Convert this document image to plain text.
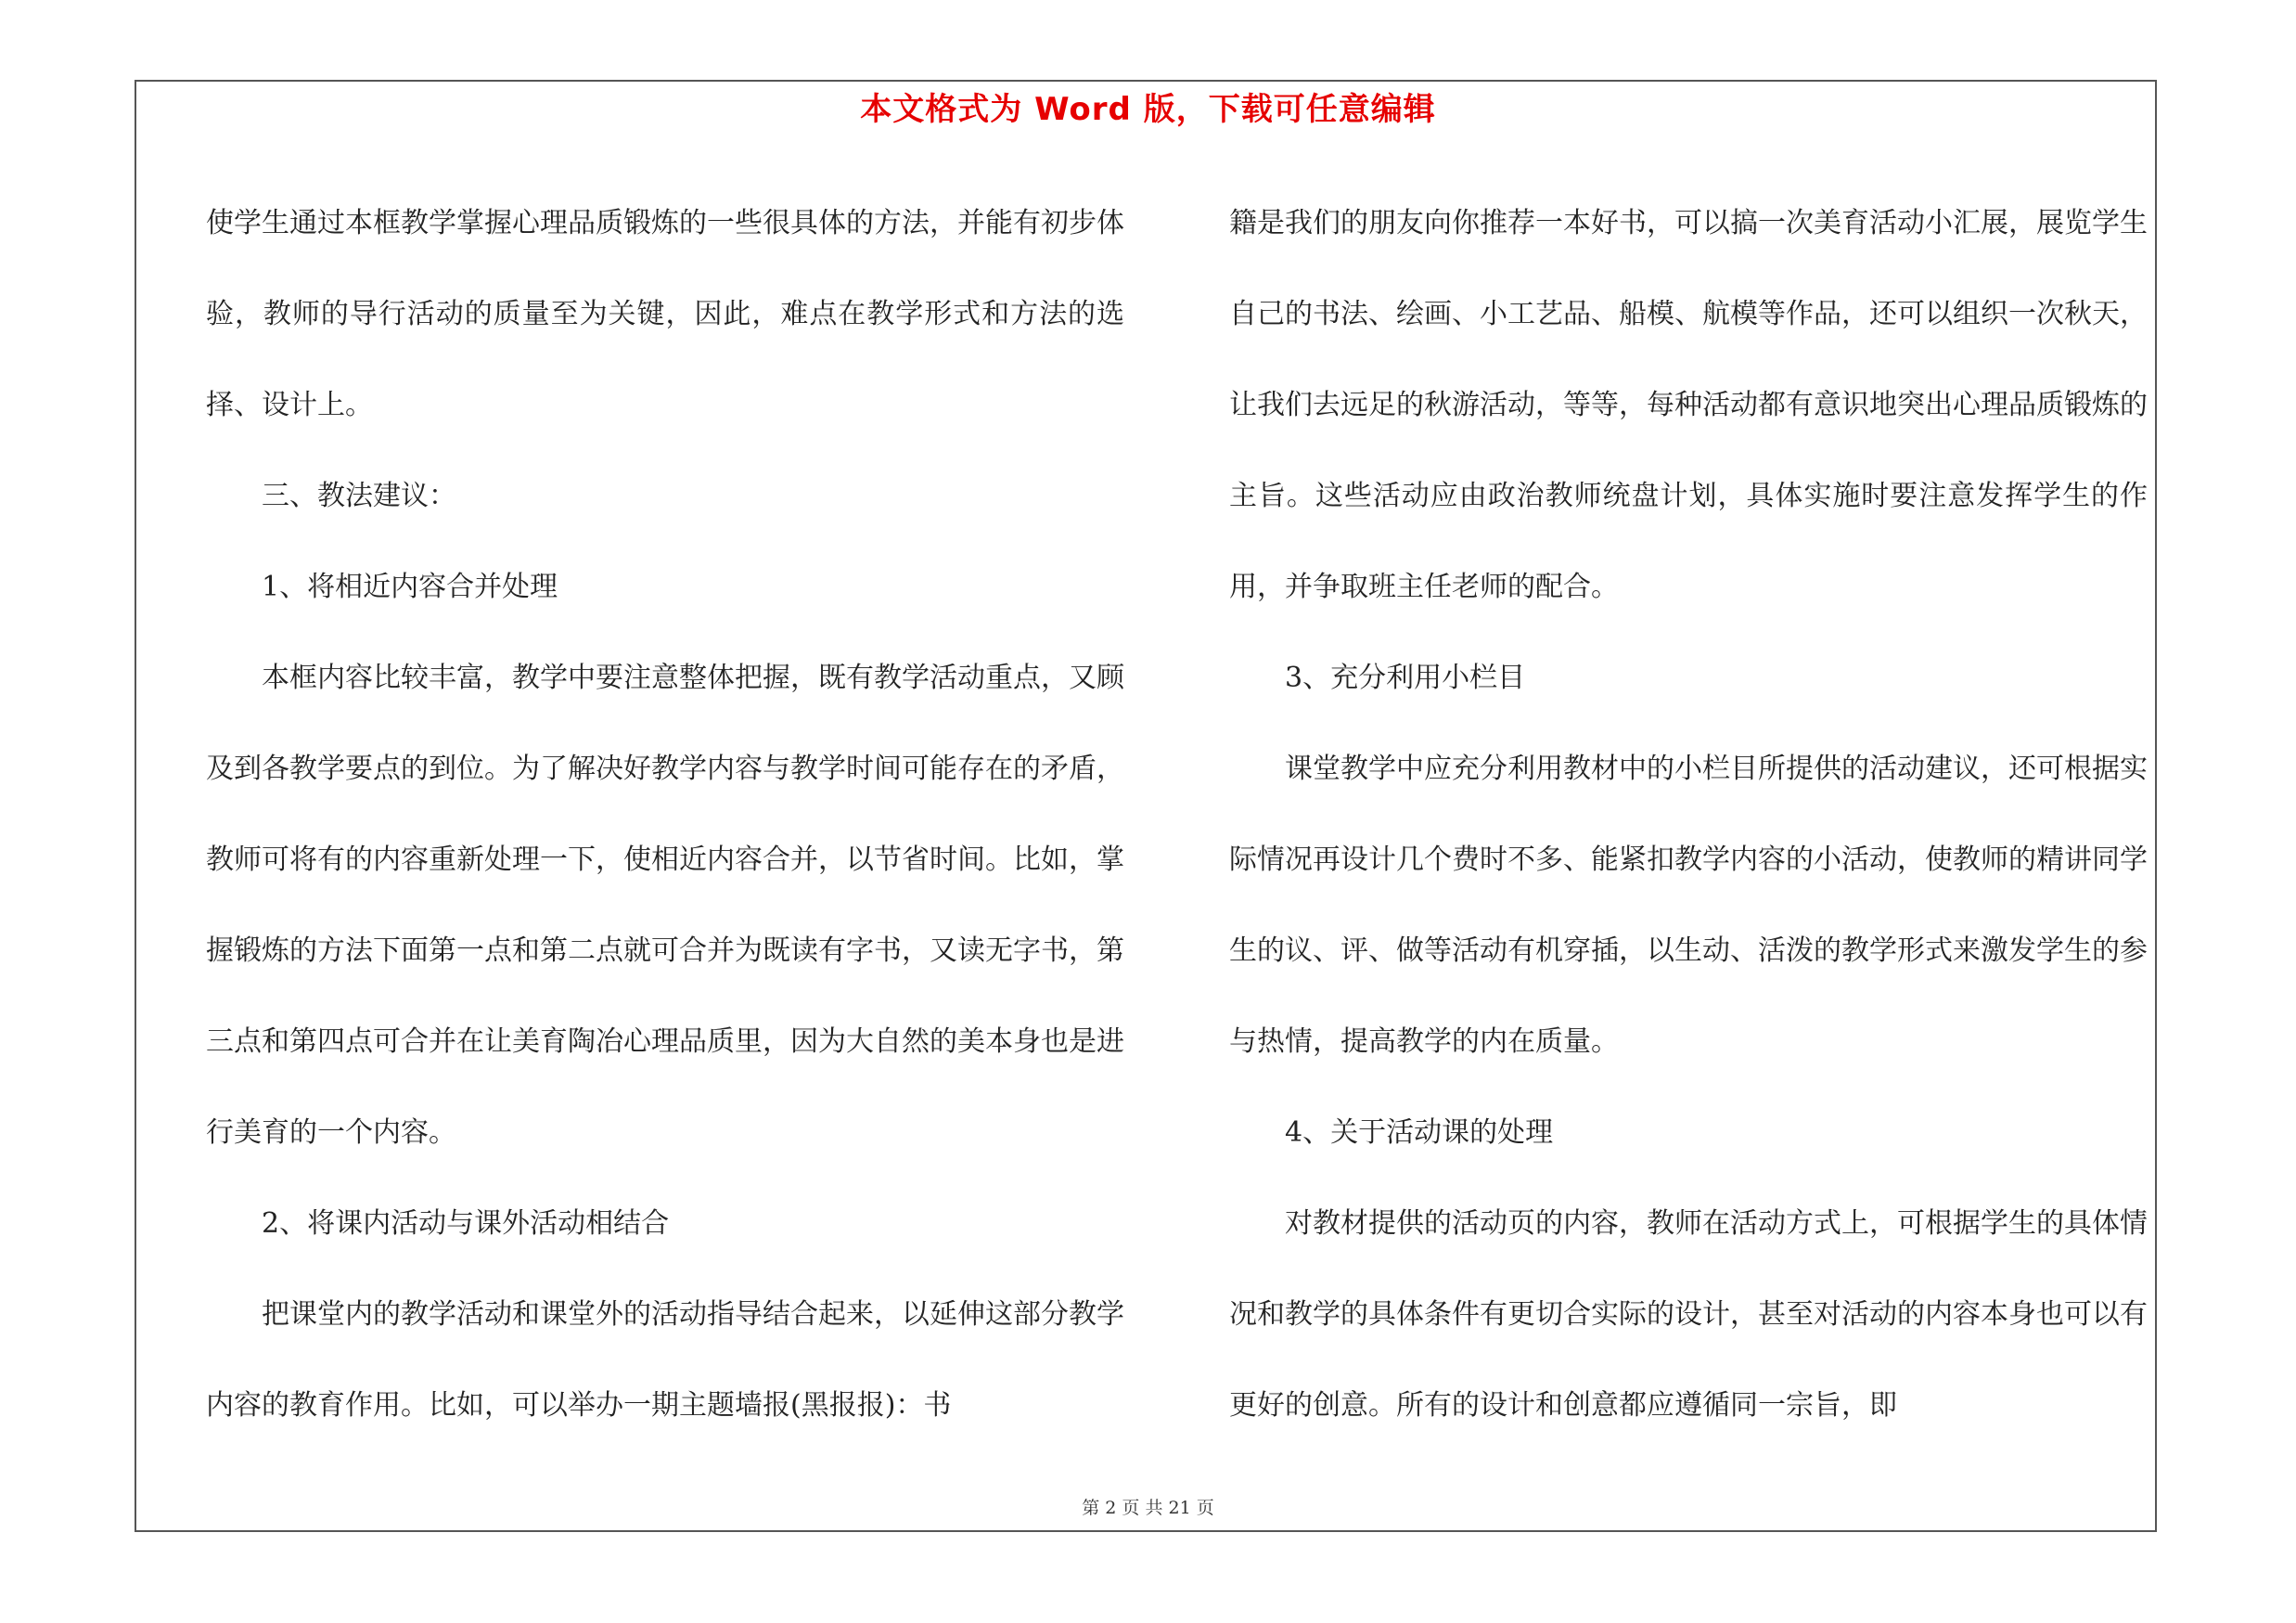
本文格式为 Word 版，下载可任意编辑

使学生通过本框教学掌握心理品质锻炼的一些很具体的方法，并能有初步体验，教师的导行活动的质量至为关键，因此，难点在教学形式和方法的选择、设计上。

三、教法建议：

1、将相近内容合并处理

本框内容比较丰富，教学中要注意整体把握，既有教学活动重点，又顾及到各教学要点的到位。为了解决好教学内容与教学时间可能存在的矛盾，教师可将有的内容重新处理一下，使相近内容合并，以节省时间。比如，掌握锻炼的方法下面第一点和第二点就可合并为既读有字书，又读无字书，第三点和第四点可合并在让美育陶冶心理品质里，因为大自然的美本身也是进行美育的一个内容。

2、将课内活动与课外活动相结合

把课堂内的教学活动和课堂外的活动指导结合起来，以延伸这部分教学内容的教育作用。比如，可以举办一期主题墙报(黑报报)：书

籍是我们的朋友向你推荐一本好书，可以搞一次美育活动小汇展，展览学生自己的书法、绘画、小工艺品、船模、航模等作品，还可以组织一次秋天，让我们去远足的秋游活动，等等，每种活动都有意识地突出心理品质锻炼的主旨。这些活动应由政治教师统盘计划，具体实施时要注意发挥学生的作用，并争取班主任老师的配合。

3、充分利用小栏目

课堂教学中应充分利用教材中的小栏目所提供的活动建议，还可根据实际情况再设计几个费时不多、能紧扣教学内容的小活动，使教师的精讲同学生的议、评、做等活动有机穿插，以生动、活泼的教学形式来激发学生的参与热情，提高教学的内在质量。

4、关于活动课的处理

对教材提供的活动页的内容，教师在活动方式上，可根据学生的具体情况和教学的具体条件有更切合实际的设计，甚至对活动的内容本身也可以有更好的创意。所有的设计和创意都应遵循同一宗旨，即

第 2 页 共 21 页
